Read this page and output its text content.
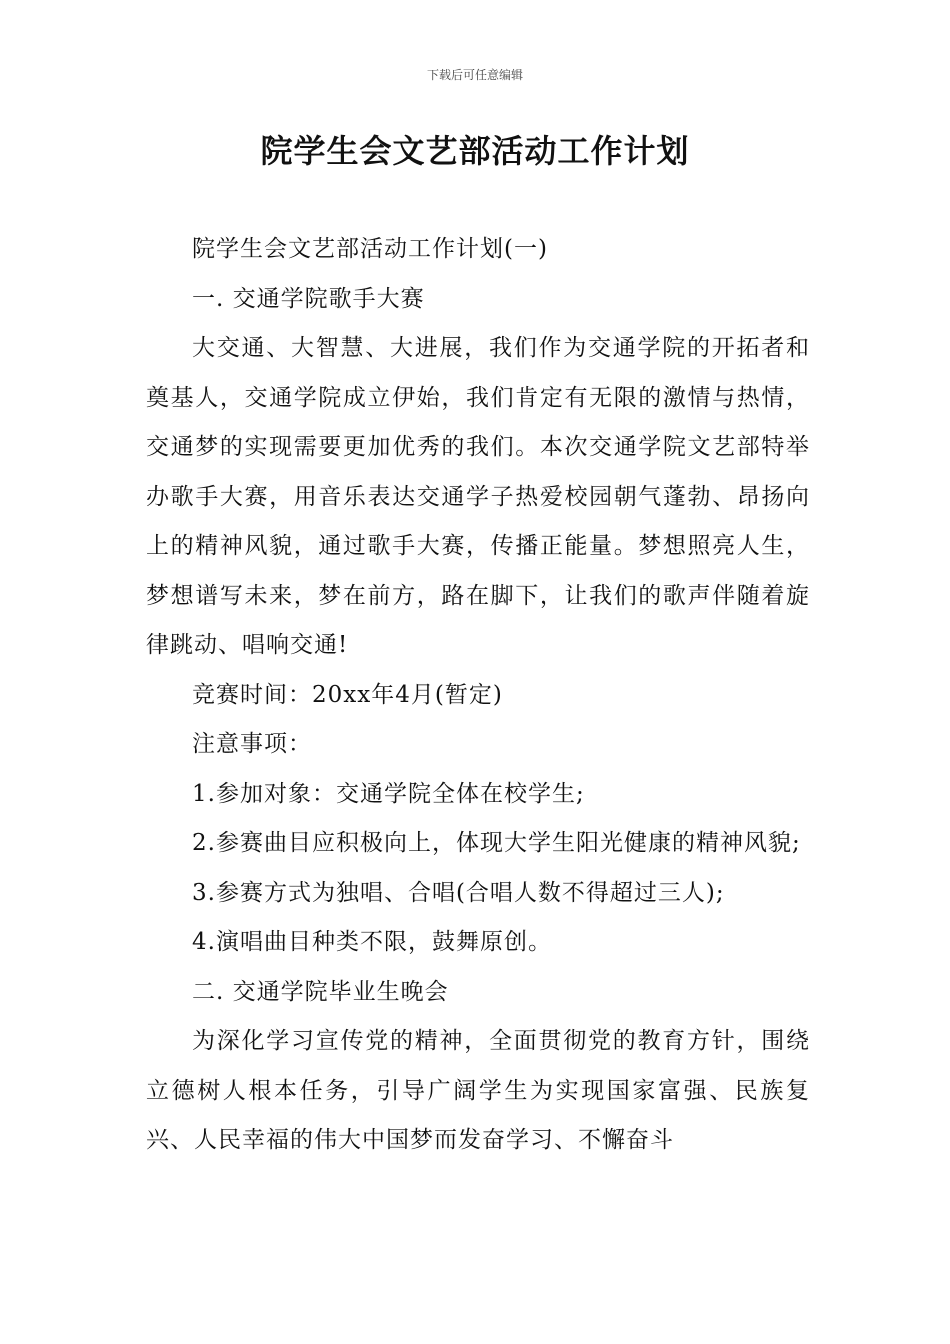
下载后可任意编辑
院学生会文艺部活动工作计划

院学生会文艺部活动工作计划(一)

一. 交通学院歌手大赛

大交通、大智慧、大进展，我们作为交通学院的开拓者和奠基人，交通学院成立伊始，我们肯定有无限的激情与热情，交通梦的实现需要更加优秀的我们。本次交通学院文艺部特举办歌手大赛，用音乐表达交通学子热爱校园朝气蓬勃、昂扬向上的精神风貌，通过歌手大赛，传播正能量。梦想照亮人生，梦想谱写未来，梦在前方，路在脚下，让我们的歌声伴随着旋律跳动、唱响交通!

竞赛时间：20xx年4月(暂定)

注意事项：

1.参加对象：交通学院全体在校学生;

2.参赛曲目应积极向上，体现大学生阳光健康的精神风貌;

3.参赛方式为独唱、合唱(合唱人数不得超过三人);

4.演唱曲目种类不限，鼓舞原创。

二. 交通学院毕业生晚会

为深化学习宣传党的精神，全面贯彻党的教育方针，围绕立德树人根本任务，引导广阔学生为实现国家富强、民族复兴、人民幸福的伟大中国梦而发奋学习、不懈奋斗
